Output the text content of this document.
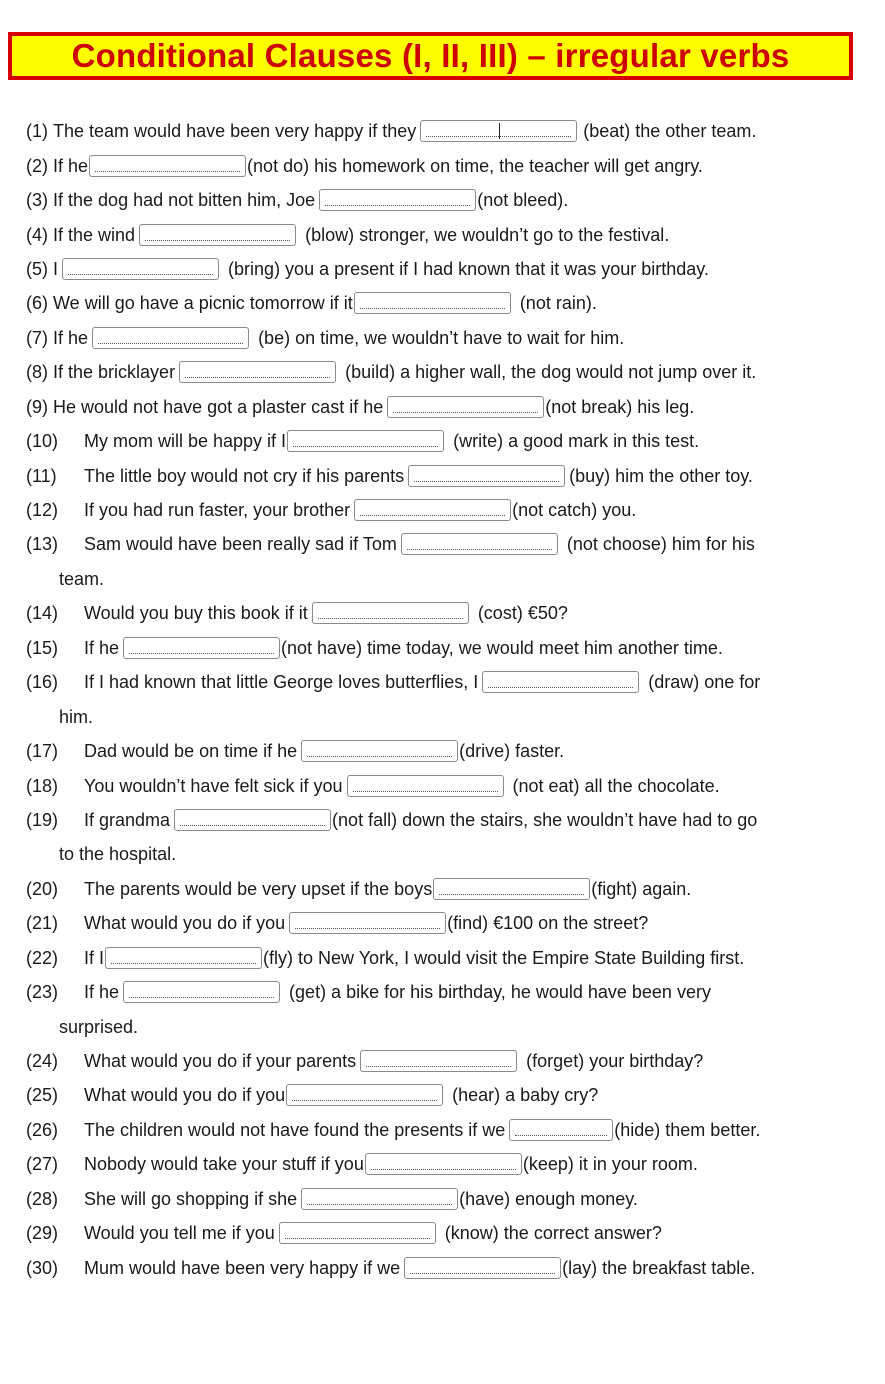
Conditional Clauses (I, II, III) – irregular verbs
(1)
The team would have been very happy if they
	(beat) the other team.
(2)
If he	(not do) his homework on time, the teacher will get angry.
(3)
If the dog had not bitten him, Joe	(not bleed).
(4)
If the wind
	(blow) stronger, we wouldn’t go to the festival.
(5)
I
	(bring) you a present if I had known that it was your birthday.
(6)
We will go have a picnic tomorrow if it
	(not rain).
(7)
If he
	(be) on time, we wouldn’t have to wait for him.
(8)
If the bricklayer
	(build) a higher wall, the dog would not jump over it.
(9)
He would not have got a plaster cast if he	(not break) his leg.
(10)	My mom will be happy if I
	(write) a good mark in this test.
(11)	The little boy would not cry if his parents	(buy) him the other toy.
(12)	If you had run faster, your brother	(not catch) you.
(13)	Sam would have been really sad if Tom
	(not choose) him for his
team.
(14)	Would you buy this book if it
	(cost) €50?
(15)	If he	(not have) time today, we would meet him another time.
(16)	If I had known that little George loves butterflies, I
	(draw) one for
him.
(17)	Dad would be on time if he	(drive) faster.
(18)	You wouldn’t have felt sick if you
	(not eat) all the chocolate.
(19)	If grandma	(not fall) down the stairs, she wouldn’t have had to go
to the hospital.
(20)	The parents would be very upset if the boys	(fight) again.
(21)	What would you do if you	(find) €100 on the street?
(22)	If I	(fly) to New York, I would visit the Empire State Building first.
(23)	If he
	(get) a bike for his birthday, he would have been very
surprised.
(24)	What would you do if your parents
	(forget) your birthday?
(25)	What would you do if you
	(hear) a baby cry?
(26)	The children would not have found the presents if we	(hide) them better.
(27)	Nobody would take your stuff if you	(keep) it in your room.
(28)	She will go shopping if she	(have) enough money.
(29)	Would you tell me if you
	(know) the correct answer?
(30)	Mum would have been very happy if we	(lay) the breakfast table.
